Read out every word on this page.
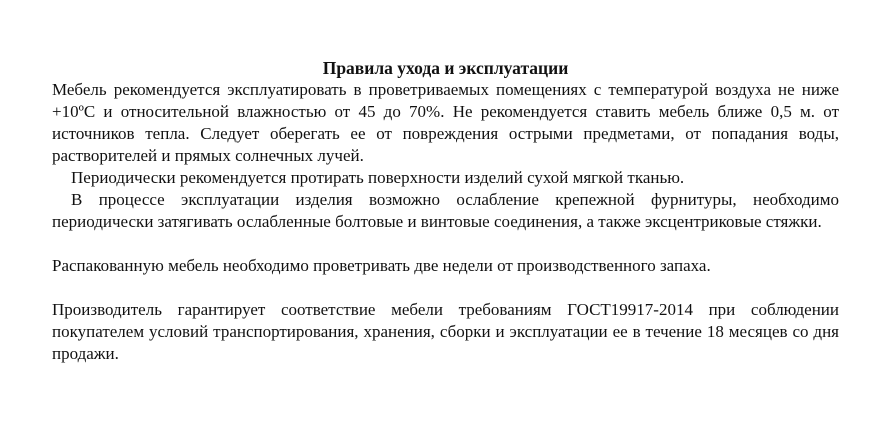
Правила ухода и эксплуатации

Мебель рекомендуется эксплуатировать в проветриваемых помещениях с температурой воздуха не ниже +10ºС и относительной влажностью от 45 до 70%. Не рекомендуется ставить мебель ближе 0,5 м. от источников тепла. Следует оберегать ее от повреждения острыми предметами, от попадания воды, растворителей и прямых солнечных лучей.

Периодически рекомендуется протирать поверхности изделий сухой мягкой тканью.

В процессе эксплуатации изделия возможно ослабление крепежной фурнитуры, необходимо периодически затягивать ослабленные болтовые и винтовые соединения, а также эксцентриковые стяжки.

Распакованную мебель необходимо проветривать две недели от производственного запаха.

Производитель гарантирует соответствие мебели требованиям ГОСТ19917-2014 при соблюдении покупателем условий транспортирования, хранения, сборки и эксплуатации ее в течение 18 месяцев со дня продажи.
